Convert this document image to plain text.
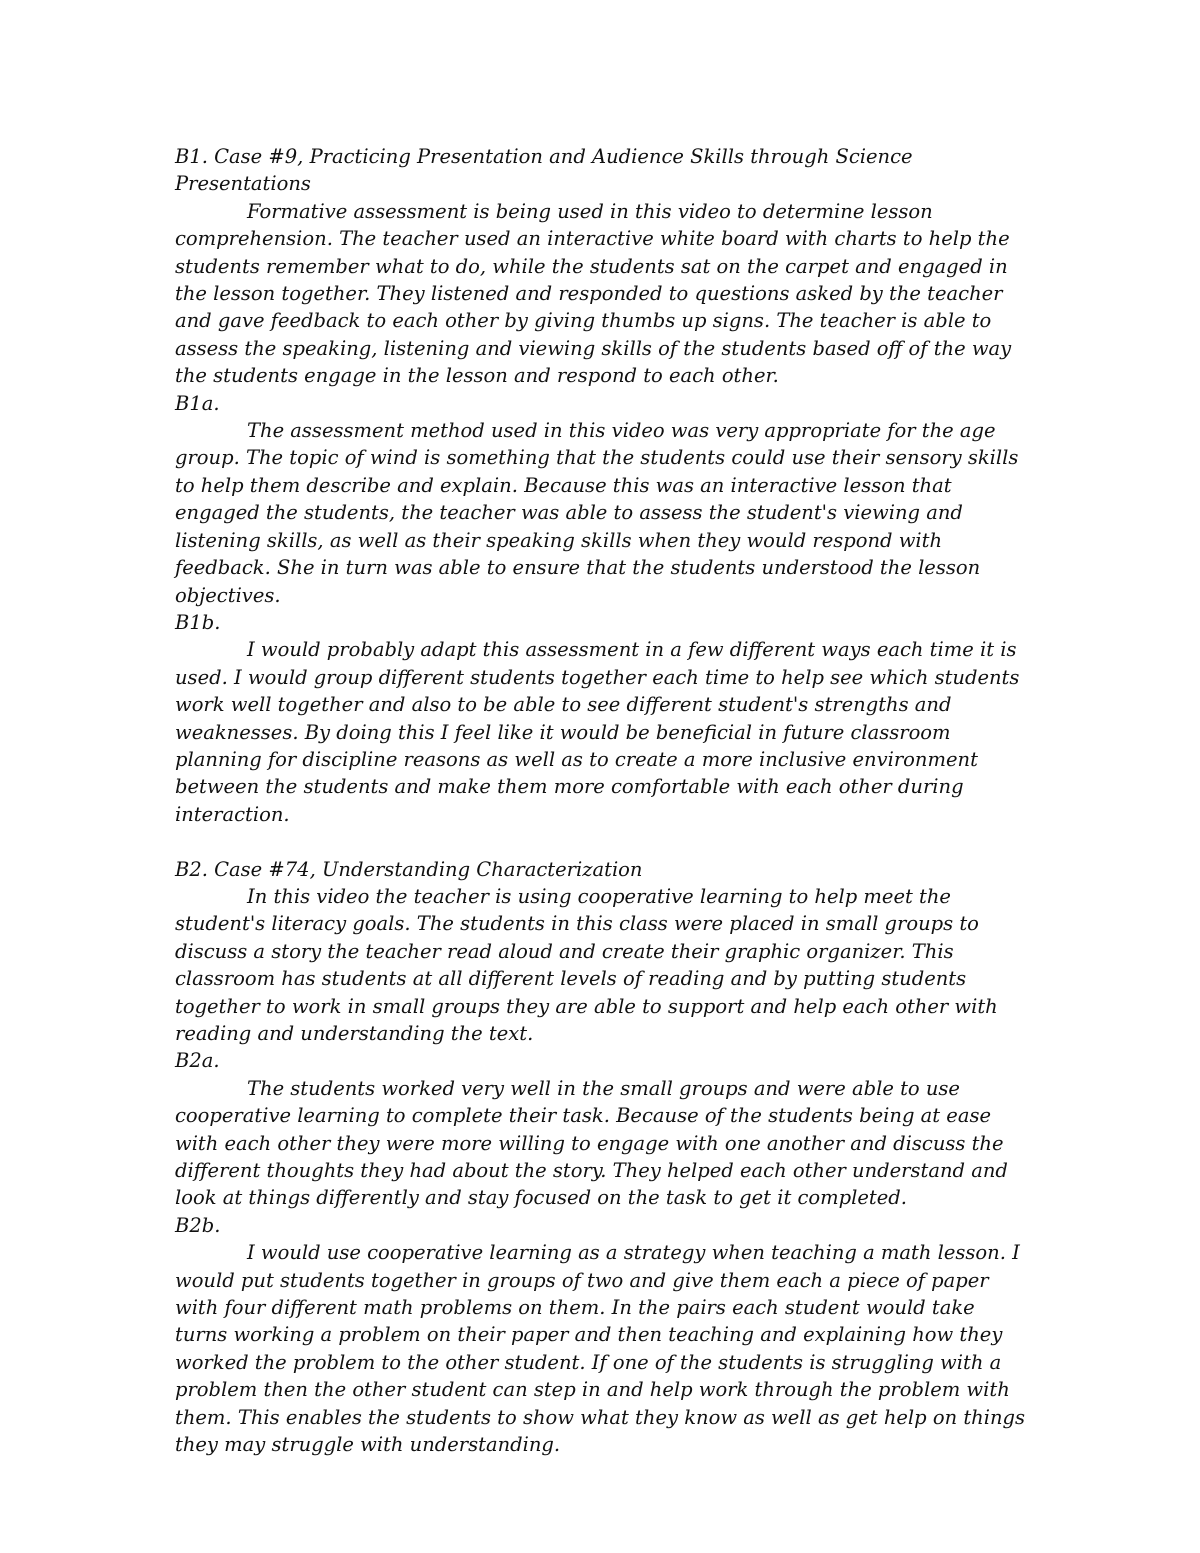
B1. Case #9, Practicing Presentation and Audience Skills through Science Presentations

Formative assessment is being used in this video to determine lesson comprehension. The teacher used an interactive white board with charts to help the students remember what to do, while the students sat on the carpet and engaged in the lesson together. They listened and responded to questions asked by the teacher and gave feedback to each other by giving thumbs up signs. The teacher is able to assess the speaking, listening and viewing skills of the students based off of the way the students engage in the lesson and respond to each other.

B1a.

The assessment method used in this video was very appropriate for the age group. The topic of wind is something that the students could use their sensory skills to help them describe and explain. Because this was an interactive lesson that engaged the students, the teacher was able to assess the student's viewing and listening skills, as well as their speaking skills when they would respond with feedback. She in turn was able to ensure that the students understood the lesson objectives.

B1b.

I would probably adapt this assessment in a few different ways each time it is used. I would group different students together each time to help see which students work well together and also to be able to see different student's strengths and weaknesses. By doing this I feel like it would be beneficial in future classroom planning for discipline reasons as well as to create a more inclusive environment between the students and make them more comfortable with each other during interaction.

B2. Case #74, Understanding Characterization

In this video the teacher is using cooperative learning to help meet the student's literacy goals. The students in this class were placed in small groups to discuss a story the teacher read aloud and create their graphic organizer. This classroom has students at all different levels of reading and by putting students together to work in small groups they are able to support and help each other with reading and understanding the text.

B2a.

The students worked very well in the small groups and were able to use cooperative learning to complete their task. Because of the students being at ease with each other they were more willing to engage with one another and discuss the different thoughts they had about the story. They helped each other understand and look at things differently and stay focused on the task to get it completed.

B2b.

I would use cooperative learning as a strategy when teaching a math lesson. I would put students together in groups of two and give them each a piece of paper with four different math problems on them. In the pairs each student would take turns working a problem on their paper and then teaching and explaining how they worked the problem to the other student. If one of the students is struggling with a problem then the other student can step in and help work through the problem with them. This enables the students to show what they know as well as get help on things they may struggle with understanding.
